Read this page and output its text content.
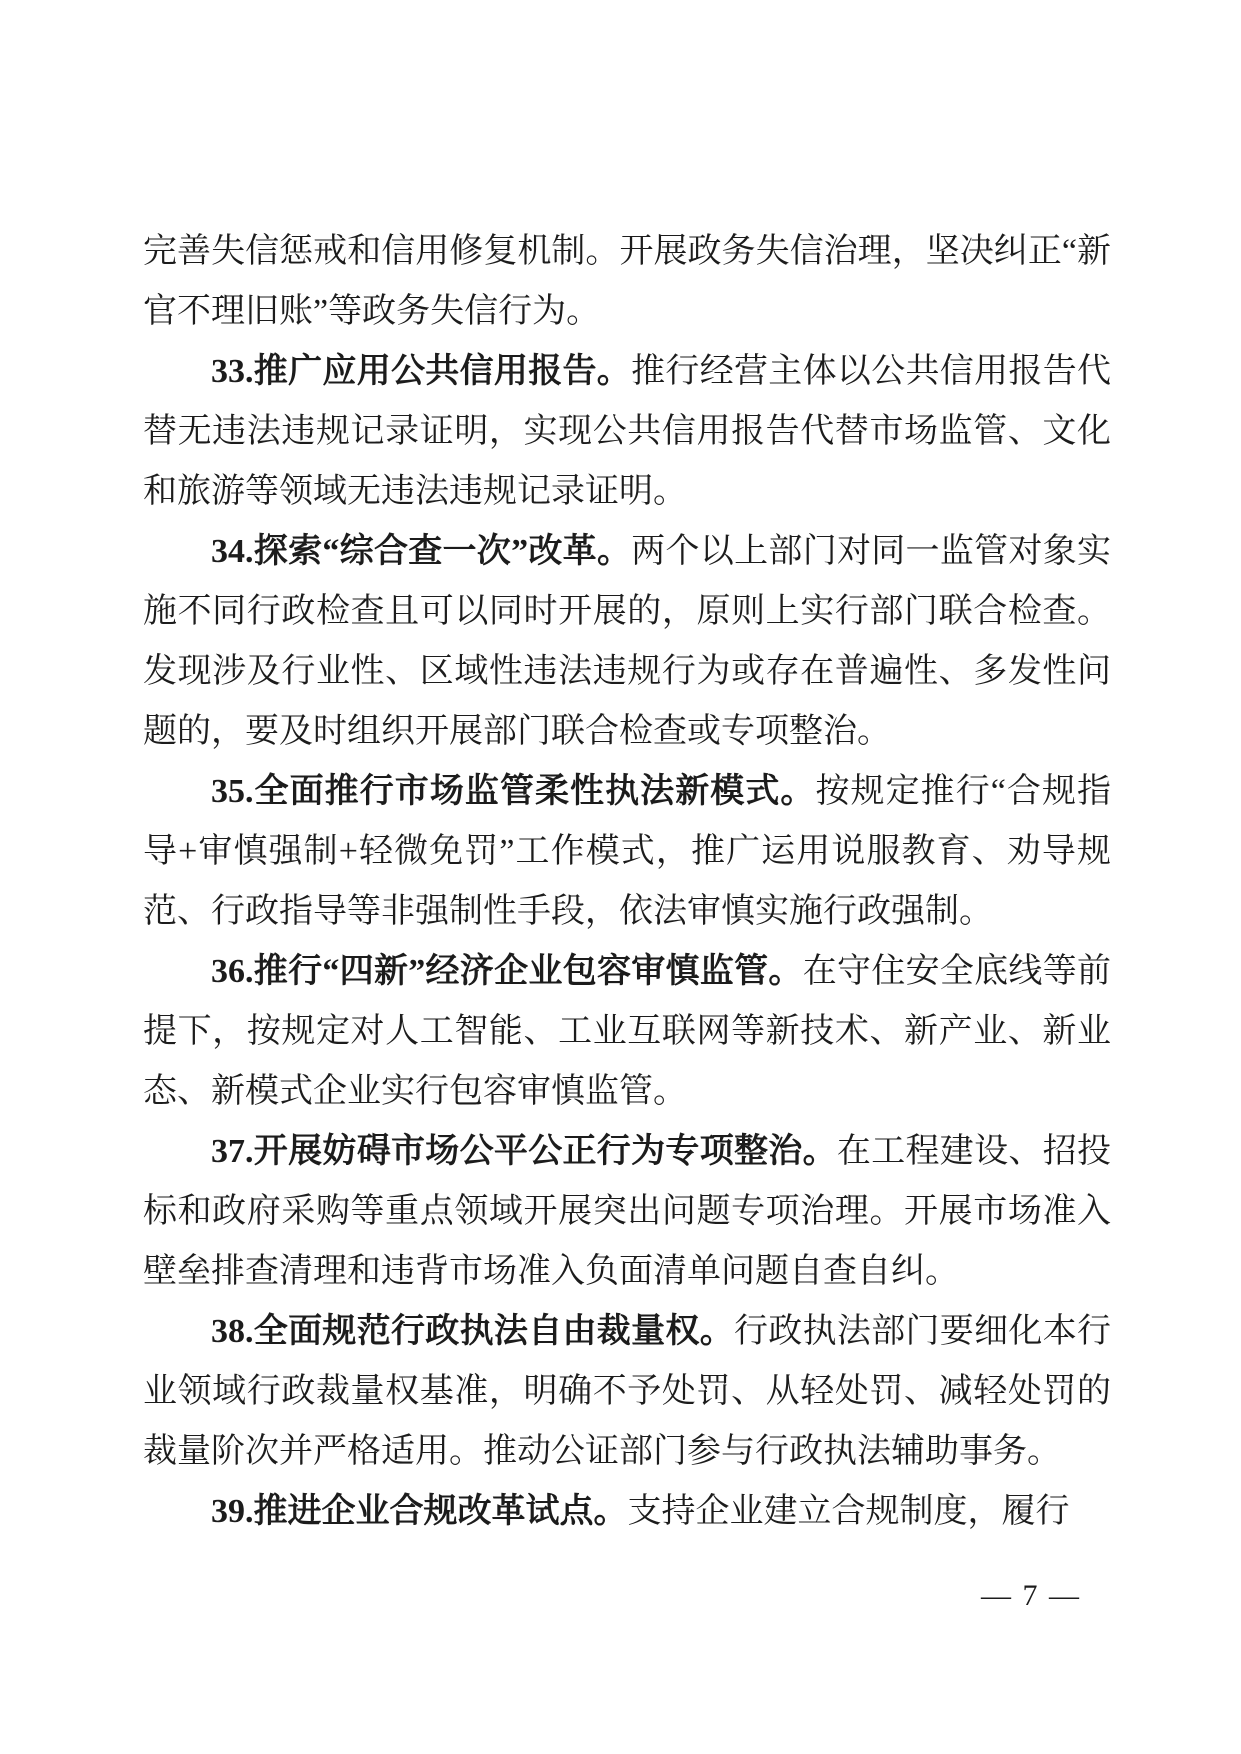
完善失信惩戒和信用修复机制。开展政务失信治理，坚决纠正“新官不理旧账”等政务失信行为。

33.推广应用公共信用报告。推行经营主体以公共信用报告代替无违法违规记录证明，实现公共信用报告代替市场监管、文化和旅游等领域无违法违规记录证明。

34.探索“综合查一次”改革。两个以上部门对同一监管对象实施不同行政检查且可以同时开展的，原则上实行部门联合检查。发现涉及行业性、区域性违法违规行为或存在普遍性、多发性问题的，要及时组织开展部门联合检查或专项整治。

35.全面推行市场监管柔性执法新模式。按规定推行“合规指导+审慎强制+轻微免罚”工作模式，推广运用说服教育、劝导规范、行政指导等非强制性手段，依法审慎实施行政强制。

36.推行“四新”经济企业包容审慎监管。在守住安全底线等前提下，按规定对人工智能、工业互联网等新技术、新产业、新业态、新模式企业实行包容审慎监管。

37.开展妨碍市场公平公正行为专项整治。在工程建设、招投标和政府采购等重点领域开展突出问题专项治理。开展市场准入壁垒排查清理和违背市场准入负面清单问题自查自纠。

38.全面规范行政执法自由裁量权。行政执法部门要细化本行业领域行政裁量权基准，明确不予处罚、从轻处罚、减轻处罚的裁量阶次并严格适用。推动公证部门参与行政执法辅助事务。

39.推进企业合规改革试点。支持企业建立合规制度，履行

— 7 —
